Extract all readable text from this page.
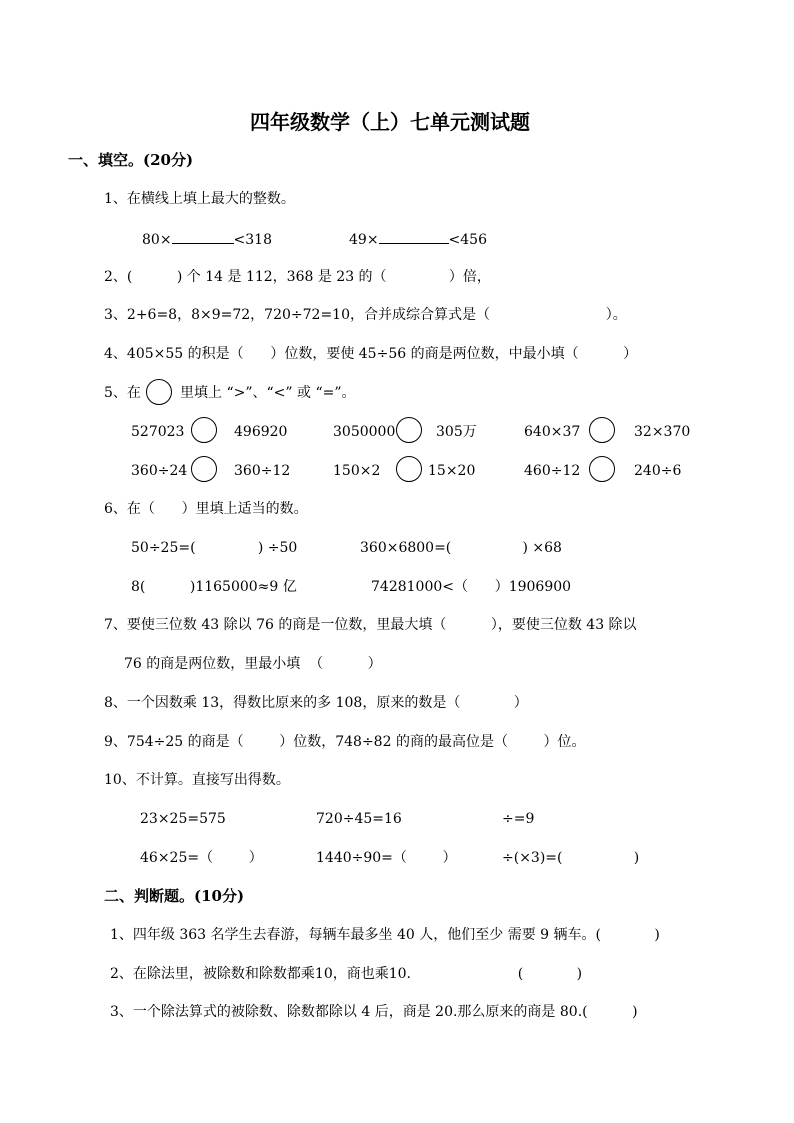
四年级数学（上）七单元测试题
一、填空。(20分)
1、在横线上填上最大的整数。
80×	<318	49×	<456
2、(          ) 个 14 是 112，368 是 23 的（              ）倍，
3、2+6=8，8×9=72，720÷72=10，合并成综合算式是（                          ）。
4、405×55 的积是（      ）位数，要使 45÷56 的商是两位数，中最小填（          ）
5、在	里填上 “>”、“<” 或 “=”。
527023	496920	3050000	305万	640×37	32×370
360÷24	360÷12	150×2	15×20	460÷12	240÷6
6、在（      ）里填上适当的数。
50÷25=(              ) ÷50	360×6800=(                ) ×68
8(          )1165000≈9 亿	74281000<（      ）1906900
7、要使三位数 43 除以 76 的商是一位数，里最大填（          ），要使三位数 43 除以
76 的商是两位数，里最小填  （          ）
8、一个因数乘 13，得数比原来的多 108，原来的数是（            ）
9、754÷25 的商是（        ）位数，748÷82 的商的最高位是（        ）位。
10、不计算。直接写出得数。
23×25=575	720÷45=16	÷=9
46×25=（        ）	1440÷90=（        ）	÷(×3)=(                )
二、判断题。(10分)
1、四年级 363 名学生去春游，每辆车最多坐 40 人，他们至少 需要 9 辆车。(            )
2、在除法里，被除数和除数都乘10，商也乘10.                        (            )
3、一个除法算式的被除数、除数都除以 4 后，商是 20.那么原来的商是 80.(          )
